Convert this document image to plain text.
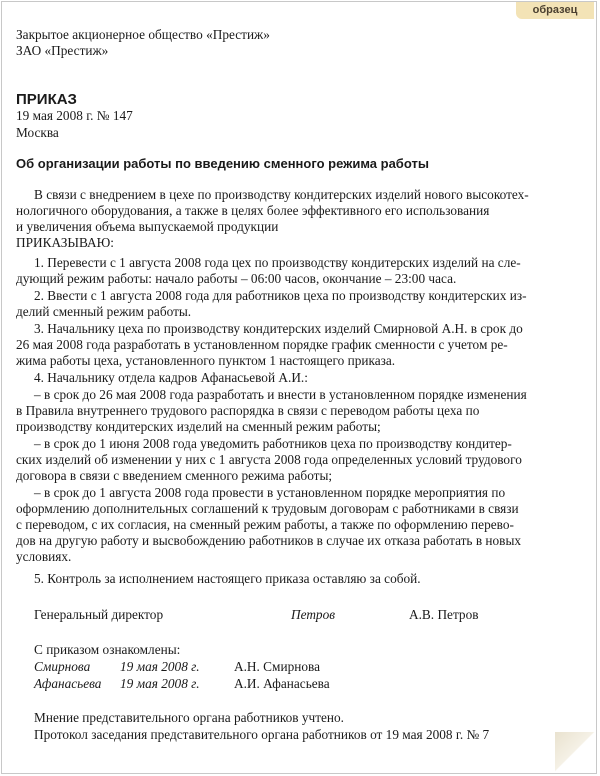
образец
Закрытое акционерное общество «Престиж»
ЗАО «Престиж»
ПРИКАЗ
19 мая 2008 г. № 147
Москва
Об организации работы по введению сменного режима работы
В связи с внедрением в цехе по производству кондитерских изделий нового высокотех-
нологичного оборудования, а также в целях более эффективного его использования
и увеличения объема выпускаемой продукции
ПРИКАЗЫВАЮ:
1. Перевести с 1 августа 2008 года цех по производству кондитерских изделий на сле-
дующий режим работы: начало работы – 06:00 часов, окончание – 23:00 часа.
2. Ввести с 1 августа 2008 года для работников цеха по производству кондитерских из-
делий сменный режим работы.
3. Начальнику цеха по производству кондитерских изделий Смирновой А.Н. в срок до
26 мая 2008 года разработать в установленном порядке график сменности с учетом ре-
жима работы цеха, установленного пунктом 1 настоящего приказа.
4. Начальнику отдела кадров Афанасьевой А.И.:
– в срок до 26 мая 2008 года разработать и внести в установленном порядке изменения
в Правила внутреннего трудового распорядка в связи с переводом работы цеха по
производству кондитерских изделий на сменный режим работы;
– в срок до 1 июня 2008 года уведомить работников цеха по производству кондитер-
ских изделий об изменении у них с 1 августа 2008 года определенных условий трудового
договора в связи с введением сменного режима работы;
– в срок до 1 августа 2008 года провести в установленном порядке мероприятия по
оформлению дополнительных соглашений к трудовым договорам с работниками в связи
с переводом, с их согласия, на сменный режим работы, а также по оформлению перево-
дов на другую работу и высвобождению работников в случае их отказа работать в новых
условиях.
5. Контроль за исполнением настоящего приказа оставляю за собой.
Генеральный директор	Петров	А.В. Петров
С приказом ознакомлены:
Смирнова 19 мая 2008 г.	А.Н. Смирнова
Афанасьева 19 мая 2008 г.	А.И. Афанасьева
Мнение представительного органа работников учтено.
Протокол заседания представительного органа работников от 19 мая 2008 г. № 7
